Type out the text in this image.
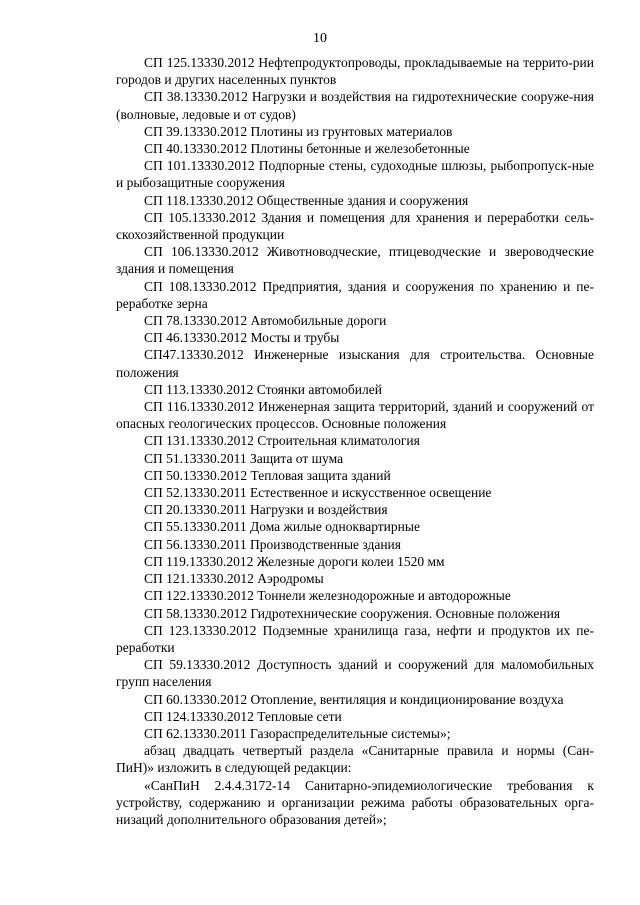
10

СП 125.13330.2012 Нефтепродуктопроводы, прокладываемые на террито-рии городов и других населенных пунктов

СП 38.13330.2012 Нагрузки и воздействия на гидротехнические сооруже-ния (волновые, ледовые и от судов)

СП 39.13330.2012 Плотины из грунтовых материалов

СП 40.13330.2012 Плотины бетонные и железобетонные

СП 101.13330.2012 Подпорные стены, судоходные шлюзы, рыбопропуск-ные и рыбозащитные сооружения

СП 118.13330.2012 Общественные здания и сооружения

СП 105.13330.2012 Здания и помещения для хранения и переработки сель-скохозяйственной продукции

СП 106.13330.2012 Животноводческие, птицеводческие и звероводческие здания и помещения

СП 108.13330.2012 Предприятия, здания и сооружения по хранению и пе-реработке зерна

СП 78.13330.2012 Автомобильные дороги

СП 46.13330.2012 Мосты и трубы

СП47.13330.2012 Инженерные изыскания для строительства. Основные положения

СП 113.13330.2012 Стоянки автомобилей

СП 116.13330.2012 Инженерная защита территорий, зданий и сооружений от опасных геологических процессов. Основные положения

СП 131.13330.2012 Строительная климатология

СП 51.13330.2011 Защита от шума

СП 50.13330.2012 Тепловая защита зданий

СП 52.13330.2011 Естественное и искусственное освещение

СП 20.13330.2011 Нагрузки и воздействия

СП 55.13330.2011 Дома жилые одноквартирные

СП 56.13330.2011 Производственные здания

СП 119.13330.2012 Железные дороги колеи 1520 мм

СП 121.13330.2012 Аэродромы

СП 122.13330.2012 Тоннели железнодорожные и автодорожные

СП 58.13330.2012 Гидротехнические сооружения. Основные положения

СП 123.13330.2012 Подземные хранилища газа, нефти и продуктов их пе-реработки

СП 59.13330.2012 Доступность зданий и сооружений для маломобильных групп населения

СП 60.13330.2012 Отопление, вентиляция и кондиционирование воздуха

СП 124.13330.2012 Тепловые сети

СП 62.13330.2011 Газораспределительные системы»;

абзац двадцать четвертый раздела «Санитарные правила и нормы (Сан-ПиН)» изложить в следующей редакции:

«СанПиН 2.4.4.3172-14 Санитарно-эпидемиологические требования к устройству, содержанию и организации режима работы образовательных орга-низаций дополнительного образования детей»;
